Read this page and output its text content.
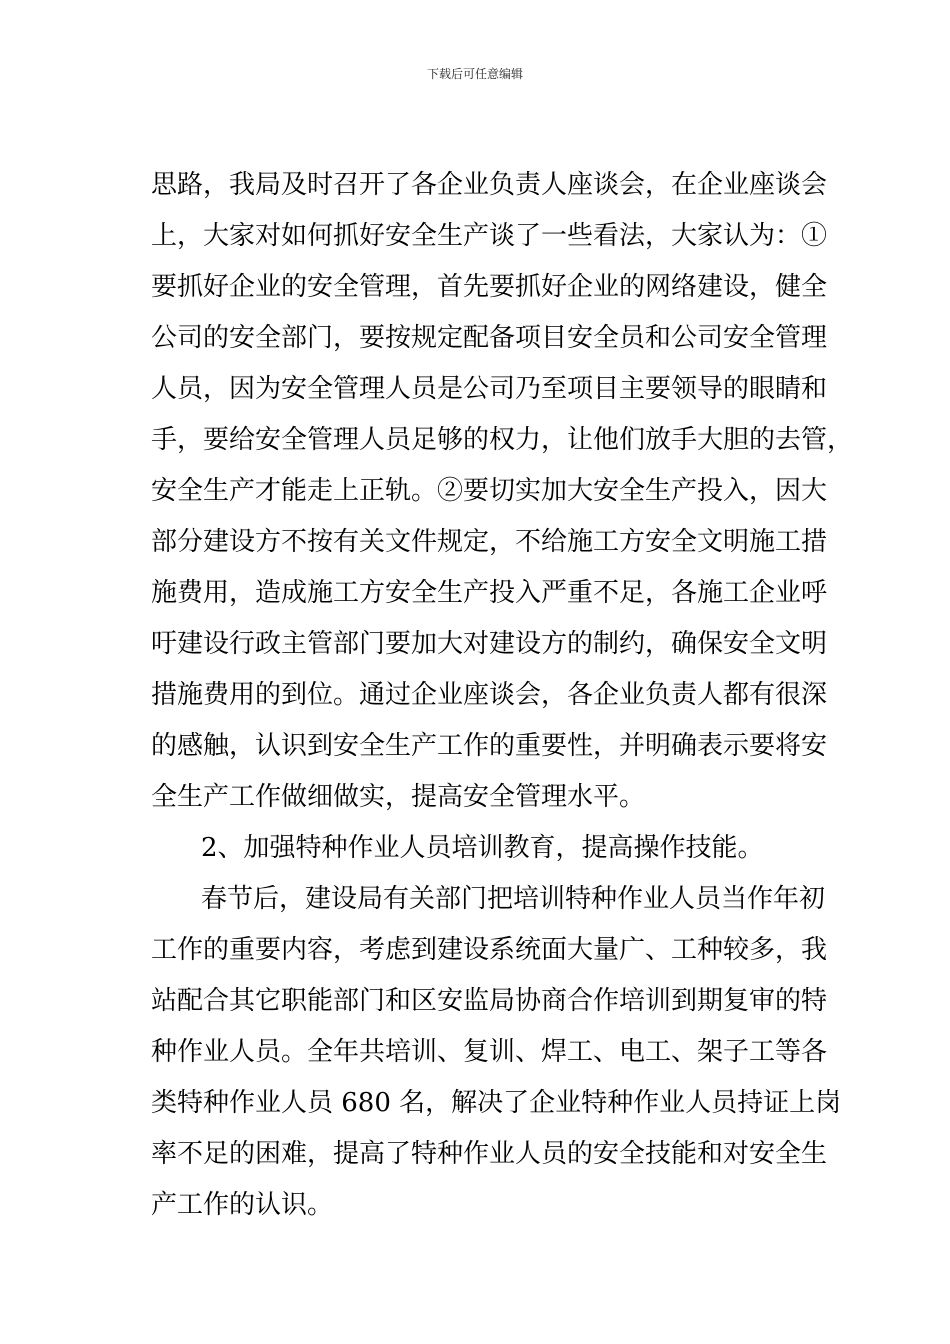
下载后可任意编辑
思路，我局及时召开了各企业负责人座谈会，在企业座谈会
上，大家对如何抓好安全生产谈了一些看法，大家认为：①
要抓好企业的安全管理，首先要抓好企业的网络建设，健全
公司的安全部门，要按规定配备项目安全员和公司安全管理
人员，因为安全管理人员是公司乃至项目主要领导的眼睛和
手，要给安全管理人员足够的权力，让他们放手大胆的去管，
安全生产才能走上正轨。②要切实加大安全生产投入，因大
部分建设方不按有关文件规定，不给施工方安全文明施工措
施费用，造成施工方安全生产投入严重不足，各施工企业呼
吁建设行政主管部门要加大对建设方的制约，确保安全文明
措施费用的到位。通过企业座谈会，各企业负责人都有很深
的感触，认识到安全生产工作的重要性，并明确表示要将安
全生产工作做细做实，提高安全管理水平。
2、加强特种作业人员培训教育，提高操作技能。
春节后，建设局有关部门把培训特种作业人员当作年初
工作的重要内容，考虑到建设系统面大量广、工种较多，我
站配合其它职能部门和区安监局协商合作培训到期复审的特
种作业人员。全年共培训、复训、焊工、电工、架子工等各
类特种作业人员 680 名，解决了企业特种作业人员持证上岗
率不足的困难，提高了特种作业人员的安全技能和对安全生
产工作的认识。
